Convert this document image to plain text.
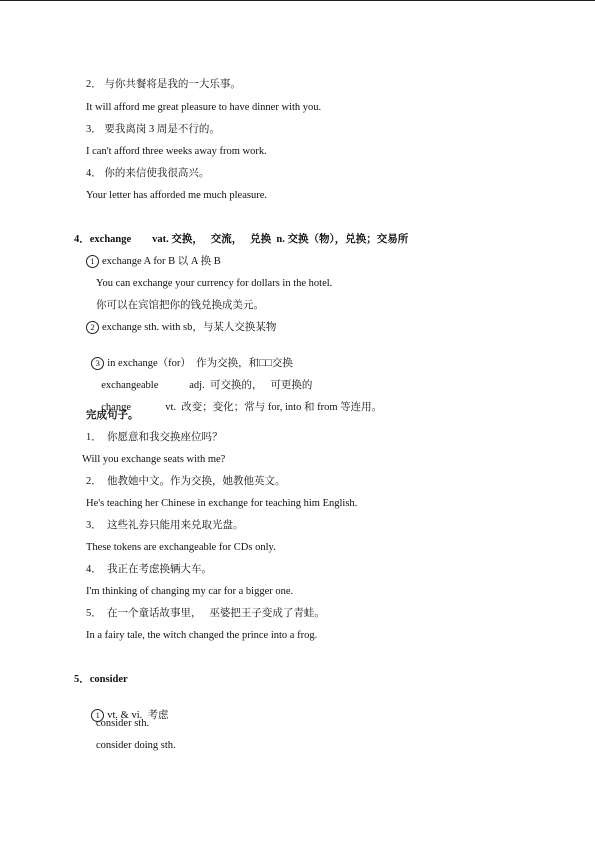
2． 与你共餐将是我的一大乐事。
It will afford me great pleasure to have dinner with you.
3． 要我离岗 3 周是不行的。
I can't afford three weeks away from work.
4． 你的来信使我很高兴。
Your letter has afforded me much pleasure.
4．exchange        vat. 交换，   交流，   兑换  n. 交换（物），兑换；交易所
1 exchange A for B 以 A 换 B
You can exchange your currency for dollars in the hotel.
你可以在宾馆把你的钱兑换成美元。
2 exchange sth. with sb，与某人交换某物

3 in exchange（for）  作为交换，和□□交换

exchangeable	adj.  可交换的，   可更换的

change	vt.  改变；变化；常与 for, into 和 from 等连用。

完成句子。
1．  你愿意和我交换座位吗？
Will you exchange seats with me?
2．  他教她中文。作为交换，她教他英文。
He's teaching her Chinese in exchange for teaching him English.
3．  这些礼券只能用来兑取光盘。
These tokens are exchangeable for CDs only.
4．  我正在考虑换辆大车。
I'm thinking of changing my car for a bigger one.
5．  在一个童话故事里，   巫婆把王子变成了青蛙。
In a fairy tale, the witch changed the prince into a frog.
5．consider

1 vt. & vi.  考虑

consider sth.
consider doing sth.
